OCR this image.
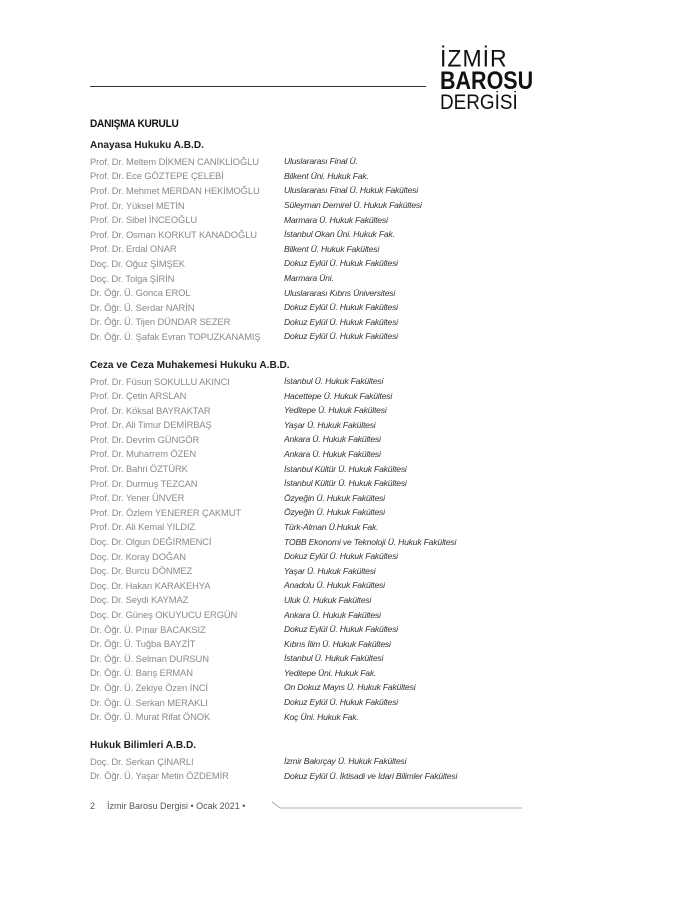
İZMİR
BAROSU
DERGİSİ
DANIŞMA KURULU
Anayasa Hukuku A.B.D.
Prof. Dr. Meltem DİKMEN CANİKLİOĞLU	Uluslararası Final Ü.
Prof. Dr. Ece GÖZTEPE ÇELEBİ	Bilkent Üni. Hukuk Fak.
Prof. Dr. Mehmet MERDAN HEKİMOĞLU	Uluslararası Final Ü. Hukuk Fakültesi
Prof. Dr. Yüksel METİN	Süleyman Demirel Ü. Hukuk Fakültesi
Prof. Dr. Sibel İNCEOĞLU	Marmara Ü. Hukuk Fakültesi
Prof. Dr. Osman KORKUT KANADOĞLU	İstanbul Okan Üni. Hukuk Fak.
Prof. Dr. Erdal ONAR	Bilkent Ü. Hukuk Fakültesi
Doç. Dr. Oğuz ŞİMŞEK	Dokuz Eylül Ü. Hukuk Fakültesi
Doç. Dr. Tolga ŞİRİN	Marmara Üni.
Dr. Öğr. Ü. Gonca EROL	Uluslararası Kıbrıs Üniversitesi
Dr. Öğr. Ü. Serdar NARİN	Dokuz Eylül Ü. Hukuk Fakültesi
Dr. Öğr. Ü. Tijen DÜNDAR SEZER	Dokuz Eylül Ü. Hukuk Fakültesi
Dr. Öğr. Ü. Şafak Evran TOPUZKANAMIŞ	Dokuz Eylül Ü. Hukuk Fakültesi
Ceza ve Ceza Muhakemesi Hukuku A.B.D.
Prof. Dr. Füsun SOKULLU AKINCI	İstanbul Ü. Hukuk Fakültesi
Prof. Dr. Çetin ARSLAN	Hacettepe Ü. Hukuk Fakültesi
Prof. Dr. Köksal BAYRAKTAR	Yeditepe Ü. Hukuk Fakültesi
Prof. Dr. Ali Timur DEMİRBAŞ	Yaşar Ü. Hukuk Fakültesi
Prof. Dr. Devrim GÜNGÖR	Ankara Ü. Hukuk Fakültesi
Prof. Dr. Muharrem ÖZEN	Ankara Ü. Hukuk Fakültesi
Prof. Dr. Bahri ÖZTÜRK	İstanbul Kültür Ü. Hukuk Fakültesi
Prof. Dr. Durmuş TEZCAN	İstanbul Kültür Ü. Hukuk Fakültesi
Prof. Dr. Yener ÜNVER	Özyeğin Ü. Hukuk Fakültesi
Prof. Dr. Özlem YENERER ÇAKMUT	Özyeğin Ü. Hukuk Fakültesi
Prof. Dr. Ali Kemal YILDIZ	Türk-Alman Ü.Hukuk Fak.
Doç. Dr. Olgun DEĞİRMENCİ	TOBB Ekonomi ve Teknoloji Ü. Hukuk Fakültesi
Doç. Dr. Koray DOĞAN	Dokuz Eylül Ü. Hukuk Fakültesi
Doç. Dr. Burcu DÖNMEZ	Yaşar Ü. Hukuk Fakültesi
Doç. Dr. Hakan KARAKEHYA	Anadolu Ü. Hukuk Fakültesi
Doç. Dr. Seydi KAYMAZ	Uluk Ü. Hukuk Fakültesi
Doç. Dr. Güneş OKUYUCU ERGÜN	Ankara Ü. Hukuk Fakültesi
Dr. Öğr. Ü. Pınar BACAKSIZ	Dokuz Eylül Ü. Hukuk Fakültesi
Dr. Öğr. Ü. Tuğba BAYZİT	Kıbrıs İlim Ü. Hukuk Fakültesi
Dr. Öğr. Ü. Selman DURSUN	İstanbul Ü. Hukuk Fakültesi
Dr. Öğr. Ü. Barış ERMAN	Yeditepe Üni. Hukuk Fak.
Dr. Öğr. Ü. Zekiye Özen İNCİ	On Dokuz Mayıs Ü. Hukuk Fakültesi
Dr. Öğr. Ü. Serkan MERAKLI	Dokuz Eylül Ü. Hukuk Fakültesi
Dr. Öğr. Ü. Murat Rifat ÖNOK	Koç Üni. Hukuk Fak.
Hukuk Bilimleri A.B.D.
Doç. Dr. Serkan ÇINARLI	İzmir Bakırçay Ü. Hukuk Fakültesi
Dr. Öğr. Ü. Yaşar Metin ÖZDEMİR	Dokuz Eylül Ü. İktisadi ve İdari Bilimler Fakültesi
2 İzmir Barosu Dergisi • Ocak 2021 •
